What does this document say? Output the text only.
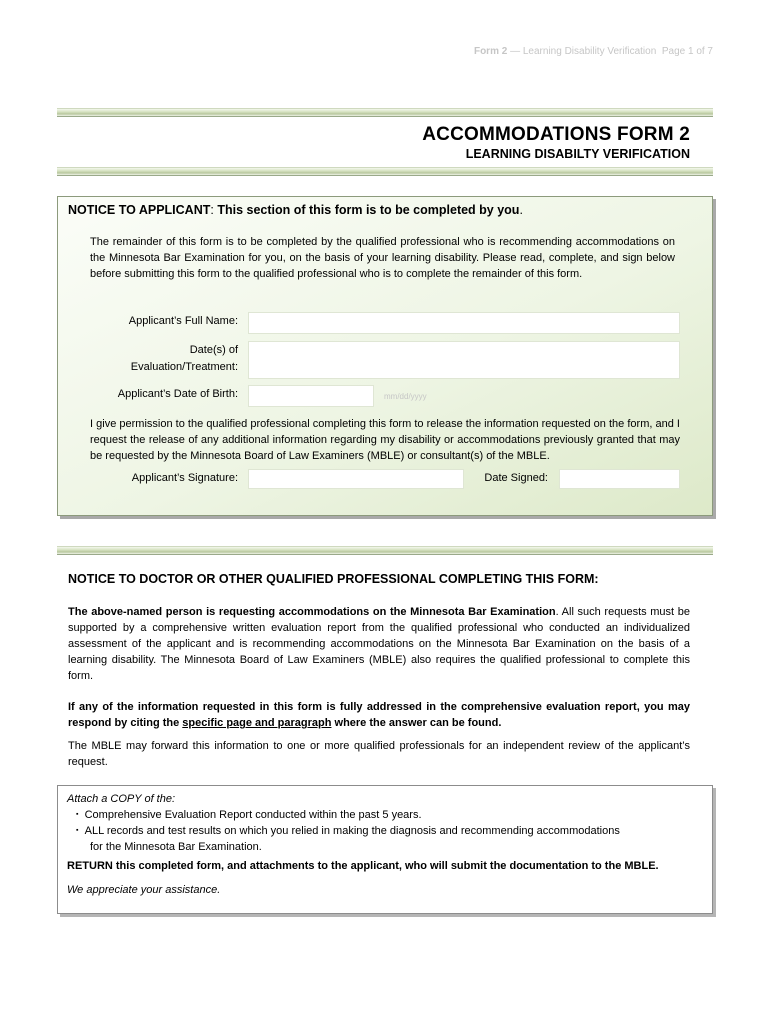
Form 2 — Learning Disability Verification Page 1 of 7
ACCOMMODATIONS FORM 2
LEARNING DISABILTY VERIFICATION
NOTICE TO APPLICANT: This section of this form is to be completed by you.
The remainder of this form is to be completed by the qualified professional who is recommending accommodations on the Minnesota Bar Examination for you, on the basis of your learning disability. Please read, complete, and sign below before submitting this form to the qualified professional who is to complete the remainder of this form.
Applicant’s Full Name:
Date(s) of
Evaluation/Treatment:
Applicant’s Date of Birth:	mm/dd/yyyy
I give permission to the qualified professional completing this form to release the information requested on the form, and I request the release of any additional information regarding my disability or accommodations previously granted that may be requested by the Minnesota Board of Law Examiners (MBLE) or consultant(s) of the MBLE.
Applicant’s Signature:	Date Signed:
NOTICE TO DOCTOR OR OTHER QUALIFIED PROFESSIONAL COMPLETING THIS FORM:
The above-named person is requesting accommodations on the Minnesota Bar Examination. All such requests must be supported by a comprehensive written evaluation report from the qualified professional who conducted an individualized assessment of the applicant and is recommending accommodations on the Minnesota Bar Examination on the basis of a learning disability. The Minnesota Board of Law Examiners (MBLE) also requires the qualified professional to complete this form.
If any of the information requested in this form is fully addressed in the comprehensive evaluation report, you may respond by citing the specific page and paragraph where the answer can be found.
The MBLE may forward this information to one or more qualified professionals for an independent review of the applicant’s request.
Attach a COPY of the:
▪ Comprehensive Evaluation Report conducted within the past 5 years.
▪ ALL records and test results on which you relied in making the diagnosis and recommending accommodations
for the Minnesota Bar Examination.
RETURN this completed form, and attachments to the applicant, who will submit the documentation to the MBLE.
We appreciate your assistance.
